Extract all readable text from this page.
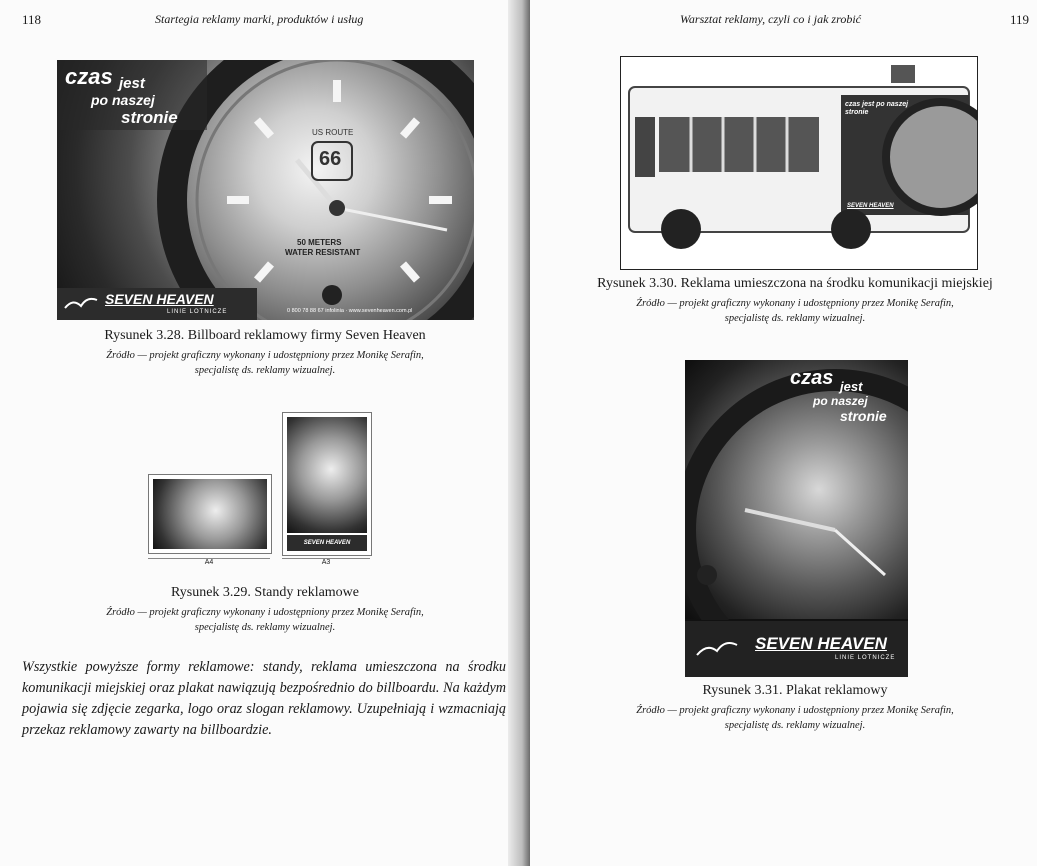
118	Startegia reklamy marki, produktów i usług
US ROUTE
66
50 METERS
WATER RESISTANT
czas jest
po naszej
stronie
SEVEN HEAVEN
LINIE LOTNICZE	0 800 78 88 67 infolinia · www.sevenheaven.com.pl
Rysunek 3.28. Billboard reklamowy firmy Seven Heaven
Źródło — projekt graficzny wykonany i udostępniony przez Monikę Serafin,
specjalistę ds. reklamy wizualnej.
SEVEN HEAVEN
A4	A3
Rysunek 3.29. Standy reklamowe
Źródło — projekt graficzny wykonany i udostępniony przez Monikę Serafin,
specjalistę ds. reklamy wizualnej.
Wszystkie powyższe formy reklamowe: standy, reklama umieszczona na środku komunikacji miejskiej oraz plakat nawiązują bezpośrednio do billboardu. Na każdym pojawia się zdjęcie zegarka, logo oraz slogan reklamowy. Uzupełniają i wzmacniają przekaz reklamowy zawarty na billboardzie.
Warsztat reklamy, czyli co i jak zrobić	119
czas jest po naszej stronie
SEVEN HEAVEN
Rysunek 3.30. Reklama umieszczona na środku komunikacji miejskiej
Źródło — projekt graficzny wykonany i udostępniony przez Monikę Serafin,
specjalistę ds. reklamy wizualnej.
czas jest
po naszej
stronie
SEVEN HEAVEN
LINIE LOTNICZE
Rysunek 3.31. Plakat reklamowy
Źródło — projekt graficzny wykonany i udostępniony przez Monikę Serafin,
specjalistę ds. reklamy wizualnej.
